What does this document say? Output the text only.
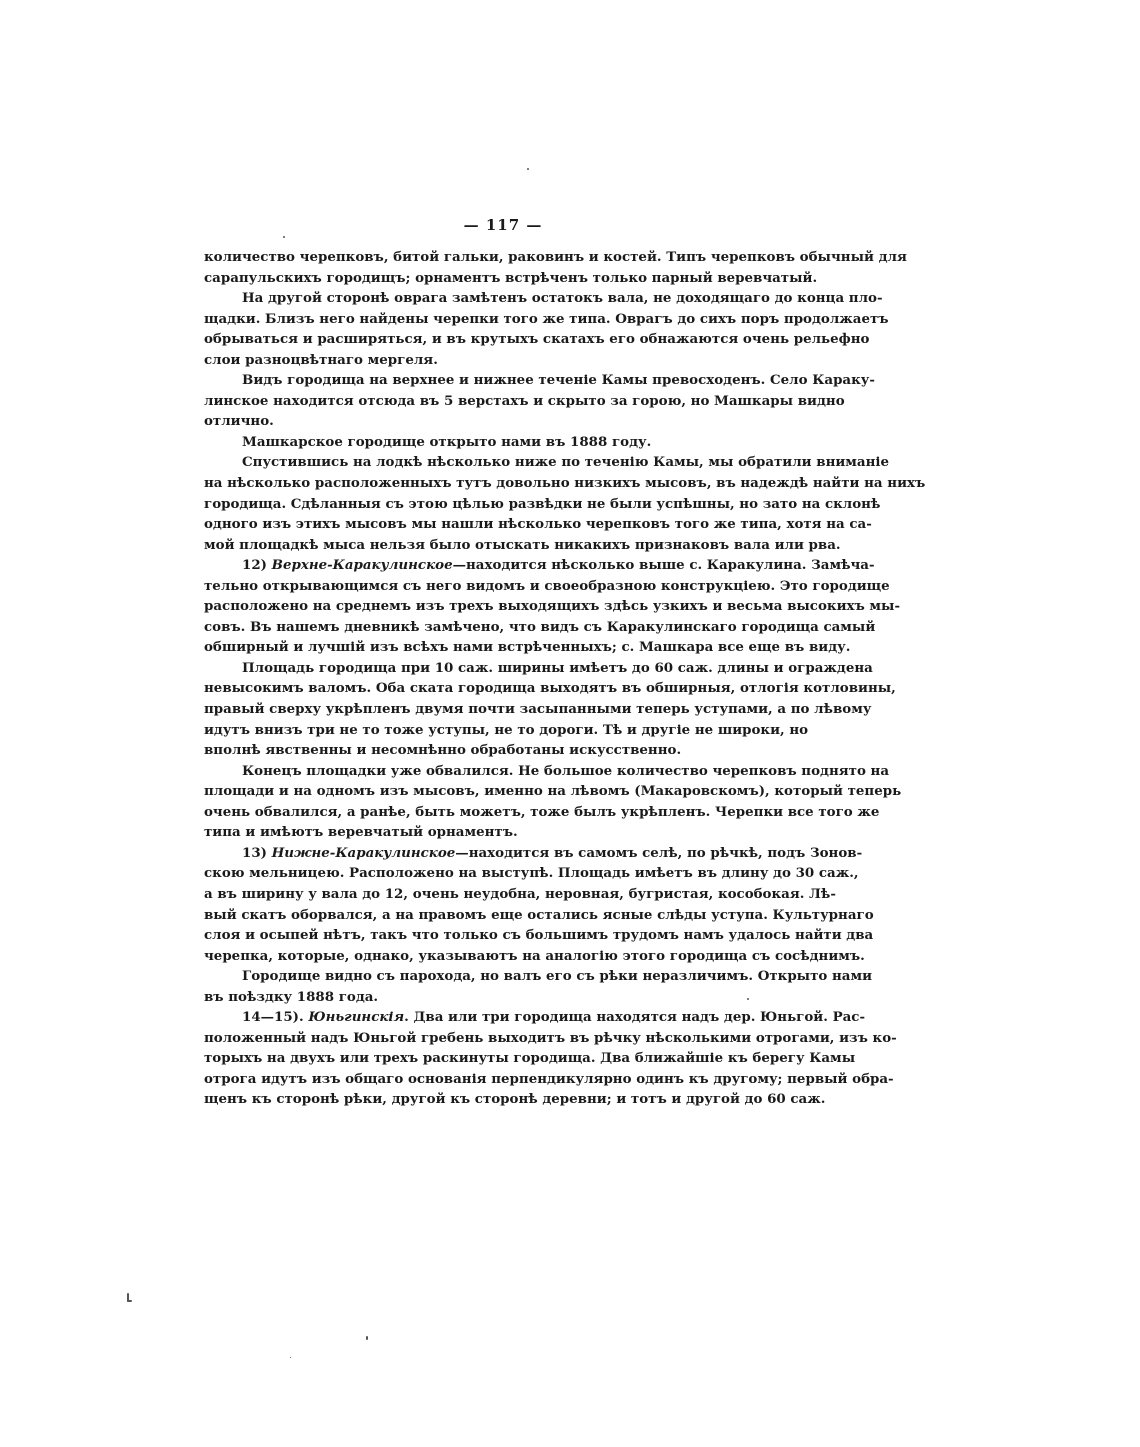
— 117 —
количество черепковъ, битой гальки, раковинъ и костей. Типъ черепковъ обычный для
сарапульскихъ городищъ; орнаментъ встрѣченъ только парный веревчатый.
На другой сторонѣ оврага замѣтенъ остатокъ вала, не доходящаго до конца пло-
щадки. Близъ него найдены черепки того же типа. Оврагъ до сихъ поръ продолжаетъ
обрываться и расширяться, и въ крутыхъ скатахъ его обнажаются очень рельефно
слои разноцвѣтнаго мергеля.
Видъ городища на верхнее и нижнее теченіе Камы превосходенъ. Село Карaку-
линское находится отсюда въ 5 верстахъ и скрыто за горою, но Машкары видно
отлично.
Машкарское городище открыто нами въ 1888 году.
Спустившись на лодкѣ нѣсколько ниже по теченію Камы, мы обратили вниманіе
на нѣсколько расположенныхъ тутъ довольно низкихъ мысовъ, въ надеждѣ найти на нихъ
городища. Сдѣланныя съ этою цѣлью развѣдки не были успѣшны, но зато на склонѣ
одного изъ этихъ мысовъ мы нашли нѣсколько черепковъ того же типа, хотя на са-
мой площадкѣ мыса нельзя было отыскать никакихъ признаковъ вала или рва.
12) Верхне-Каракулинское—находится нѣсколько выше с. Каракулина. Замѣча-
тельно открывающимся съ него видомъ и своеобразною конструкціею. Это городище
расположено на среднемъ изъ трехъ выходящихъ здѣсь узкихъ и весьма высокихъ мы-
совъ. Въ нашемъ дневникѣ замѣчено, что видъ съ Каракулинскаго городища самый
обширный и лучшій изъ всѣхъ нами встрѣченныхъ; с. Машкара все еще въ виду.
Площадь городища при 10 саж. ширины имѣетъ до 60 саж. длины и ограждена
невысокимъ валомъ. Оба ската городища выходятъ въ обширныя, отлогія котловины,
правый сверху укрѣпленъ двумя почти засыпанными теперь уступами, а по лѣвому
идутъ внизъ три не то тоже уступы, не то дороги. Тѣ и другіе не широки, но
вполнѣ явственны и несомнѣнно обработаны искусственно.
Конецъ площадки уже обвалился. Не большое количество черепковъ поднято на
площади и на одномъ изъ мысовъ, именно на лѣвомъ (Макаровскомъ), который теперь
очень обвалился, а ранѣе, быть можетъ, тоже былъ укрѣпленъ. Черепки все того же
типа и имѣютъ веревчатый орнаментъ.
13) Нижне-Каракулинское—находится въ самомъ селѣ, по рѣчкѣ, подъ Зонов-
скою мельницею. Расположено на выступѣ. Площадь имѣетъ въ длину до 30 саж.,
а въ ширину у вала до 12, очень неудобна, неровная, бугристая, кособокая. Лѣ-
вый скатъ оборвался, а на правомъ еще остались ясные слѣды уступа. Культурнаго
слоя и осыпей нѣтъ, такъ что только съ большимъ трудомъ намъ удалось найти два
черепка, которые, однако, указываютъ на аналогію этого городища съ сосѣднимъ.
Городище видно съ парохода, но валъ его съ рѣки неразличимъ. Открыто нами
въ поѣздку 1888 года.
14—15). Юньгинскія. Два или три городища находятся надъ дер. Юньгой. Рас-
положенный надъ Юньгой гребень выходитъ въ рѣчку нѣсколькими отрогами, изъ ко-
торыхъ на двухъ или трехъ раскинуты городища. Два ближайшіе къ берегу Камы
отрога идутъ изъ общаго основанія перпендикулярно одинъ къ другому; первый обра-
щенъ къ сторонѣ рѣки, другой къ сторонѣ деревни; и тотъ и другой до 60 саж.
